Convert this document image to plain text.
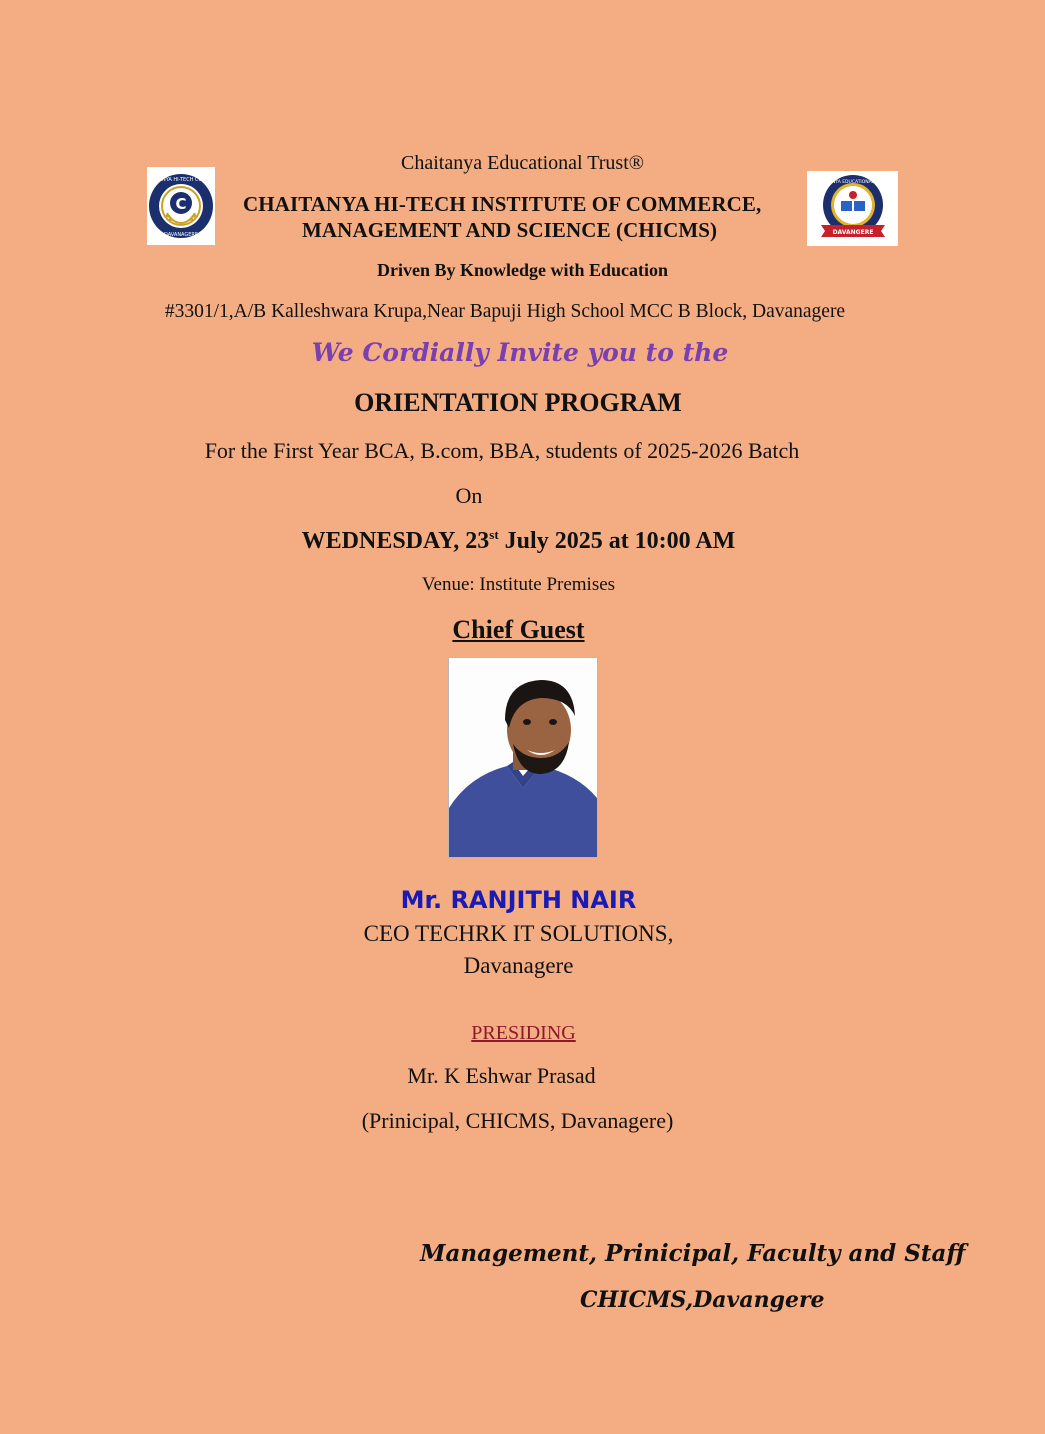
Chaitanya Educational Trust®
C
CHAITANYA HI-TECH COLLEGE
DAVANAGERE
CHAITANYA HI-TECH INSTITUTE OF COMMERCE,
MANAGEMENT AND SCIENCE (CHICMS)
CHAITANYA EDUCATIONAL TRUST
DAVANGERE
Driven By Knowledge with Education
#3301/1,A/B Kalleshwara Krupa,Near Bapuji High School MCC B Block, Davanagere
We Cordially Invite you to the
ORIENTATION PROGRAM
For the First Year BCA, B.com, BBA, students of 2025-2026 Batch
On
WEDNESDAY, 23st July 2025 at 10:00 AM
Venue: Institute Premises
Chief Guest
Mr. RANJITH NAIR
CEO TECHRK IT SOLUTIONS,
Davanagere
PRESIDING
Mr. K Eshwar Prasad
(Prinicipal, CHICMS, Davanagere)
Management, Prinicipal, Faculty and Staff
CHICMS,Davangere
